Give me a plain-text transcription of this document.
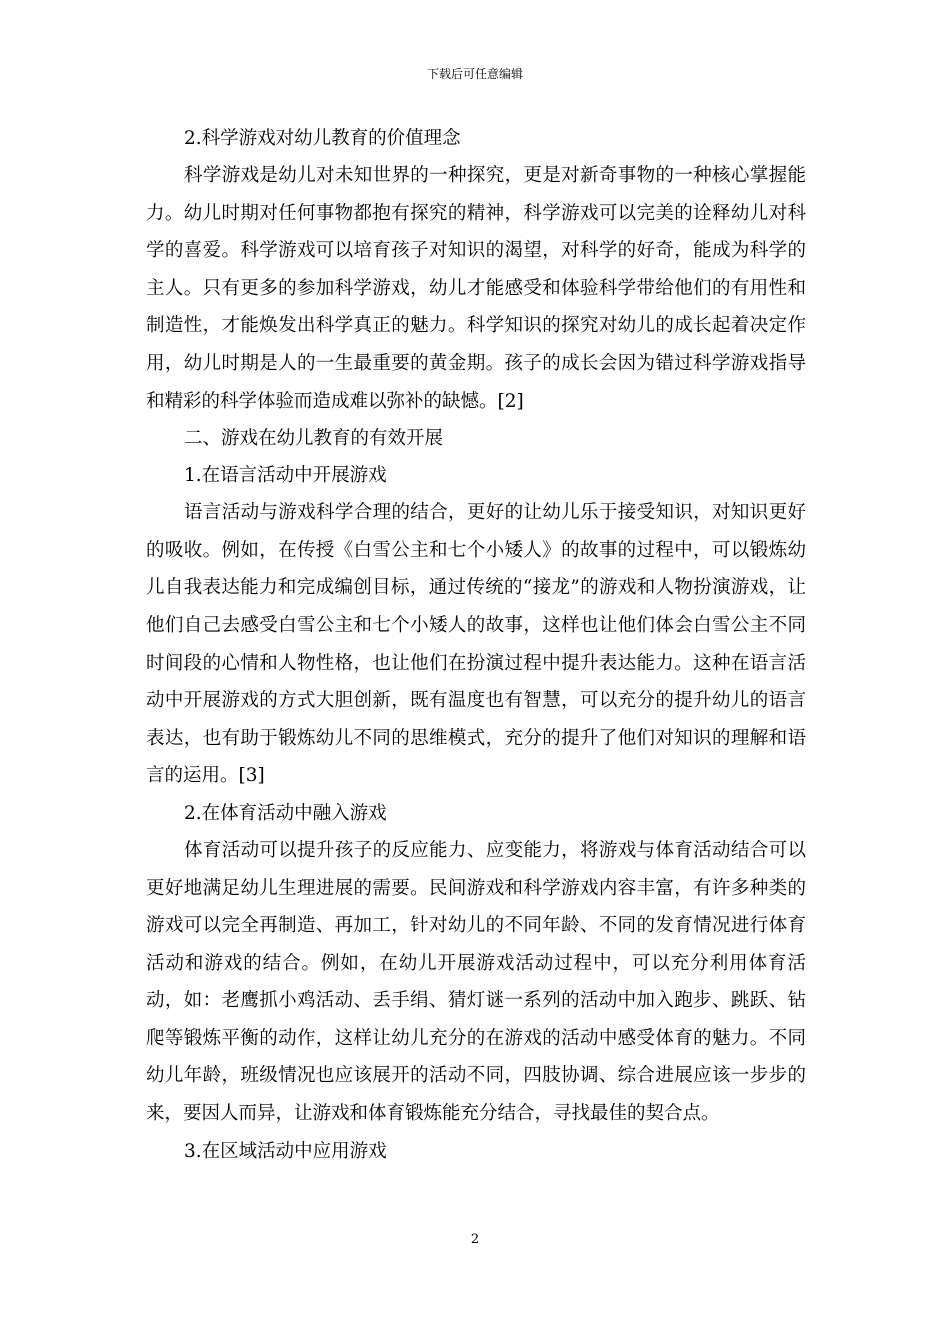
下载后可任意编辑

2.科学游戏对幼儿教育的价值理念

科学游戏是幼儿对未知世界的一种探究，更是对新奇事物的一种核心掌握能力。幼儿时期对任何事物都抱有探究的精神，科学游戏可以完美的诠释幼儿对科学的喜爱。科学游戏可以培育孩子对知识的渴望，对科学的好奇，能成为科学的主人。只有更多的参加科学游戏，幼儿才能感受和体验科学带给他们的有用性和制造性，才能焕发出科学真正的魅力。科学知识的探究对幼儿的成长起着决定作用，幼儿时期是人的一生最重要的黄金期。孩子的成长会因为错过科学游戏指导和精彩的科学体验而造成难以弥补的缺憾。[2]

二、游戏在幼儿教育的有效开展

1.在语言活动中开展游戏

语言活动与游戏科学合理的结合，更好的让幼儿乐于接受知识，对知识更好的吸收。例如，在传授《白雪公主和七个小矮人》的故事的过程中，可以锻炼幼儿自我表达能力和完成编创目标，通过传统的“接龙”的游戏和人物扮演游戏，让他们自己去感受白雪公主和七个小矮人的故事，这样也让他们体会白雪公主不同时间段的心情和人物性格，也让他们在扮演过程中提升表达能力。这种在语言活动中开展游戏的方式大胆创新，既有温度也有智慧，可以充分的提升幼儿的语言表达，也有助于锻炼幼儿不同的思维模式，充分的提升了他们对知识的理解和语言的运用。[3]

2.在体育活动中融入游戏

体育活动可以提升孩子的反应能力、应变能力，将游戏与体育活动结合可以更好地满足幼儿生理进展的需要。民间游戏和科学游戏内容丰富，有许多种类的游戏可以完全再制造、再加工，针对幼儿的不同年龄、不同的发育情况进行体育活动和游戏的结合。例如，在幼儿开展游戏活动过程中，可以充分利用体育活动，如：老鹰抓小鸡活动、丢手绢、猜灯谜一系列的活动中加入跑步、跳跃、钻爬等锻炼平衡的动作，这样让幼儿充分的在游戏的活动中感受体育的魅力。不同幼儿年龄，班级情况也应该展开的活动不同，四肢协调、综合进展应该一步步的来，要因人而异，让游戏和体育锻炼能充分结合，寻找最佳的契合点。

3.在区域活动中应用游戏

2
